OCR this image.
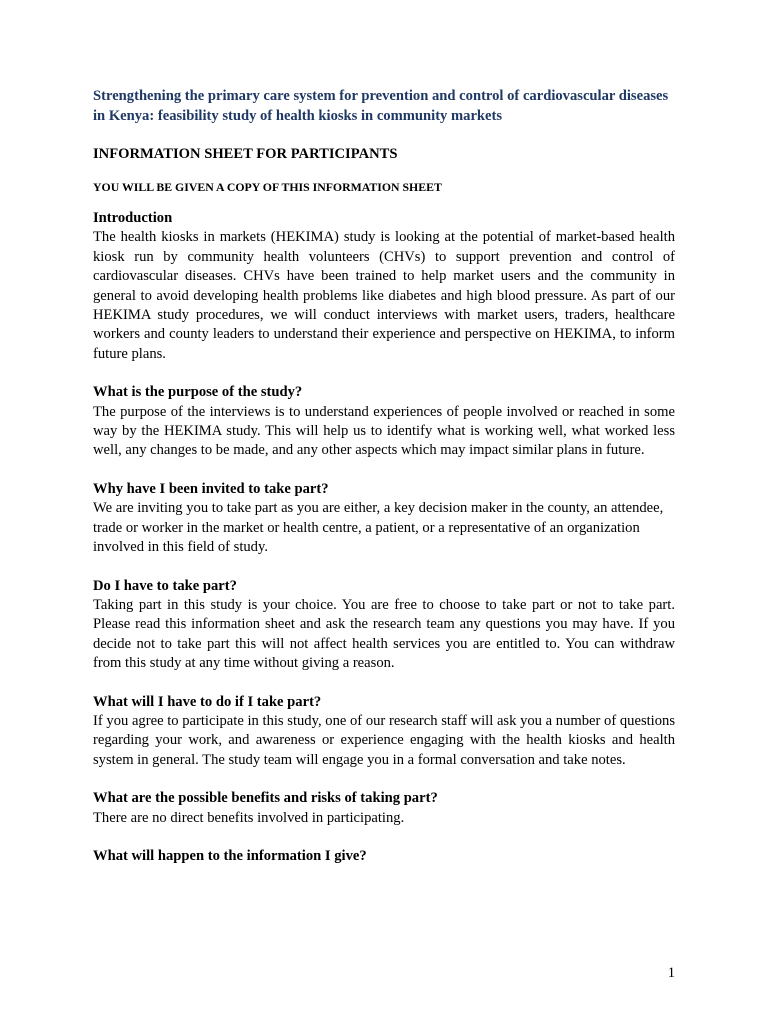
Strengthening the primary care system for prevention and control of cardiovascular diseases in Kenya: feasibility study of health kiosks in community markets

INFORMATION SHEET FOR PARTICIPANTS

YOU WILL BE GIVEN A COPY OF THIS INFORMATION SHEET

Introduction

The health kiosks in markets (HEKIMA) study is looking at the potential of market-based health kiosk run by community health volunteers (CHVs) to support prevention and control of cardiovascular diseases. CHVs have been trained to help market users and the community in general to avoid developing health problems like diabetes and high blood pressure. As part of our HEKIMA study procedures, we will conduct interviews with market users, traders, healthcare workers and county leaders to understand their experience and perspective on HEKIMA, to inform future plans.

What is the purpose of the study?

The purpose of the interviews is to understand experiences of people involved or reached in some way by the HEKIMA study. This will help us to identify what is working well, what worked less well, any changes to be made, and any other aspects which may impact similar plans in future.

Why have I been invited to take part?

We are inviting you to take part as you are either, a key decision maker in the county, an attendee, trade or worker in the market or health centre, a patient, or a representative of an organization involved in this field of study.

Do I have to take part?

Taking part in this study is your choice. You are free to choose to take part or not to take part. Please read this information sheet and ask the research team any questions you may have. If you decide not to take part this will not affect health services you are entitled to. You can withdraw from this study at any time without giving a reason.

What will I have to do if I take part?

If you agree to participate in this study, one of our research staff will ask you a number of questions regarding your work, and awareness or experience engaging with the health kiosks and health system in general. The study team will engage you in a formal conversation and take notes.

What are the possible benefits and risks of taking part?

There are no direct benefits involved in participating.

What will happen to the information I give?

1
